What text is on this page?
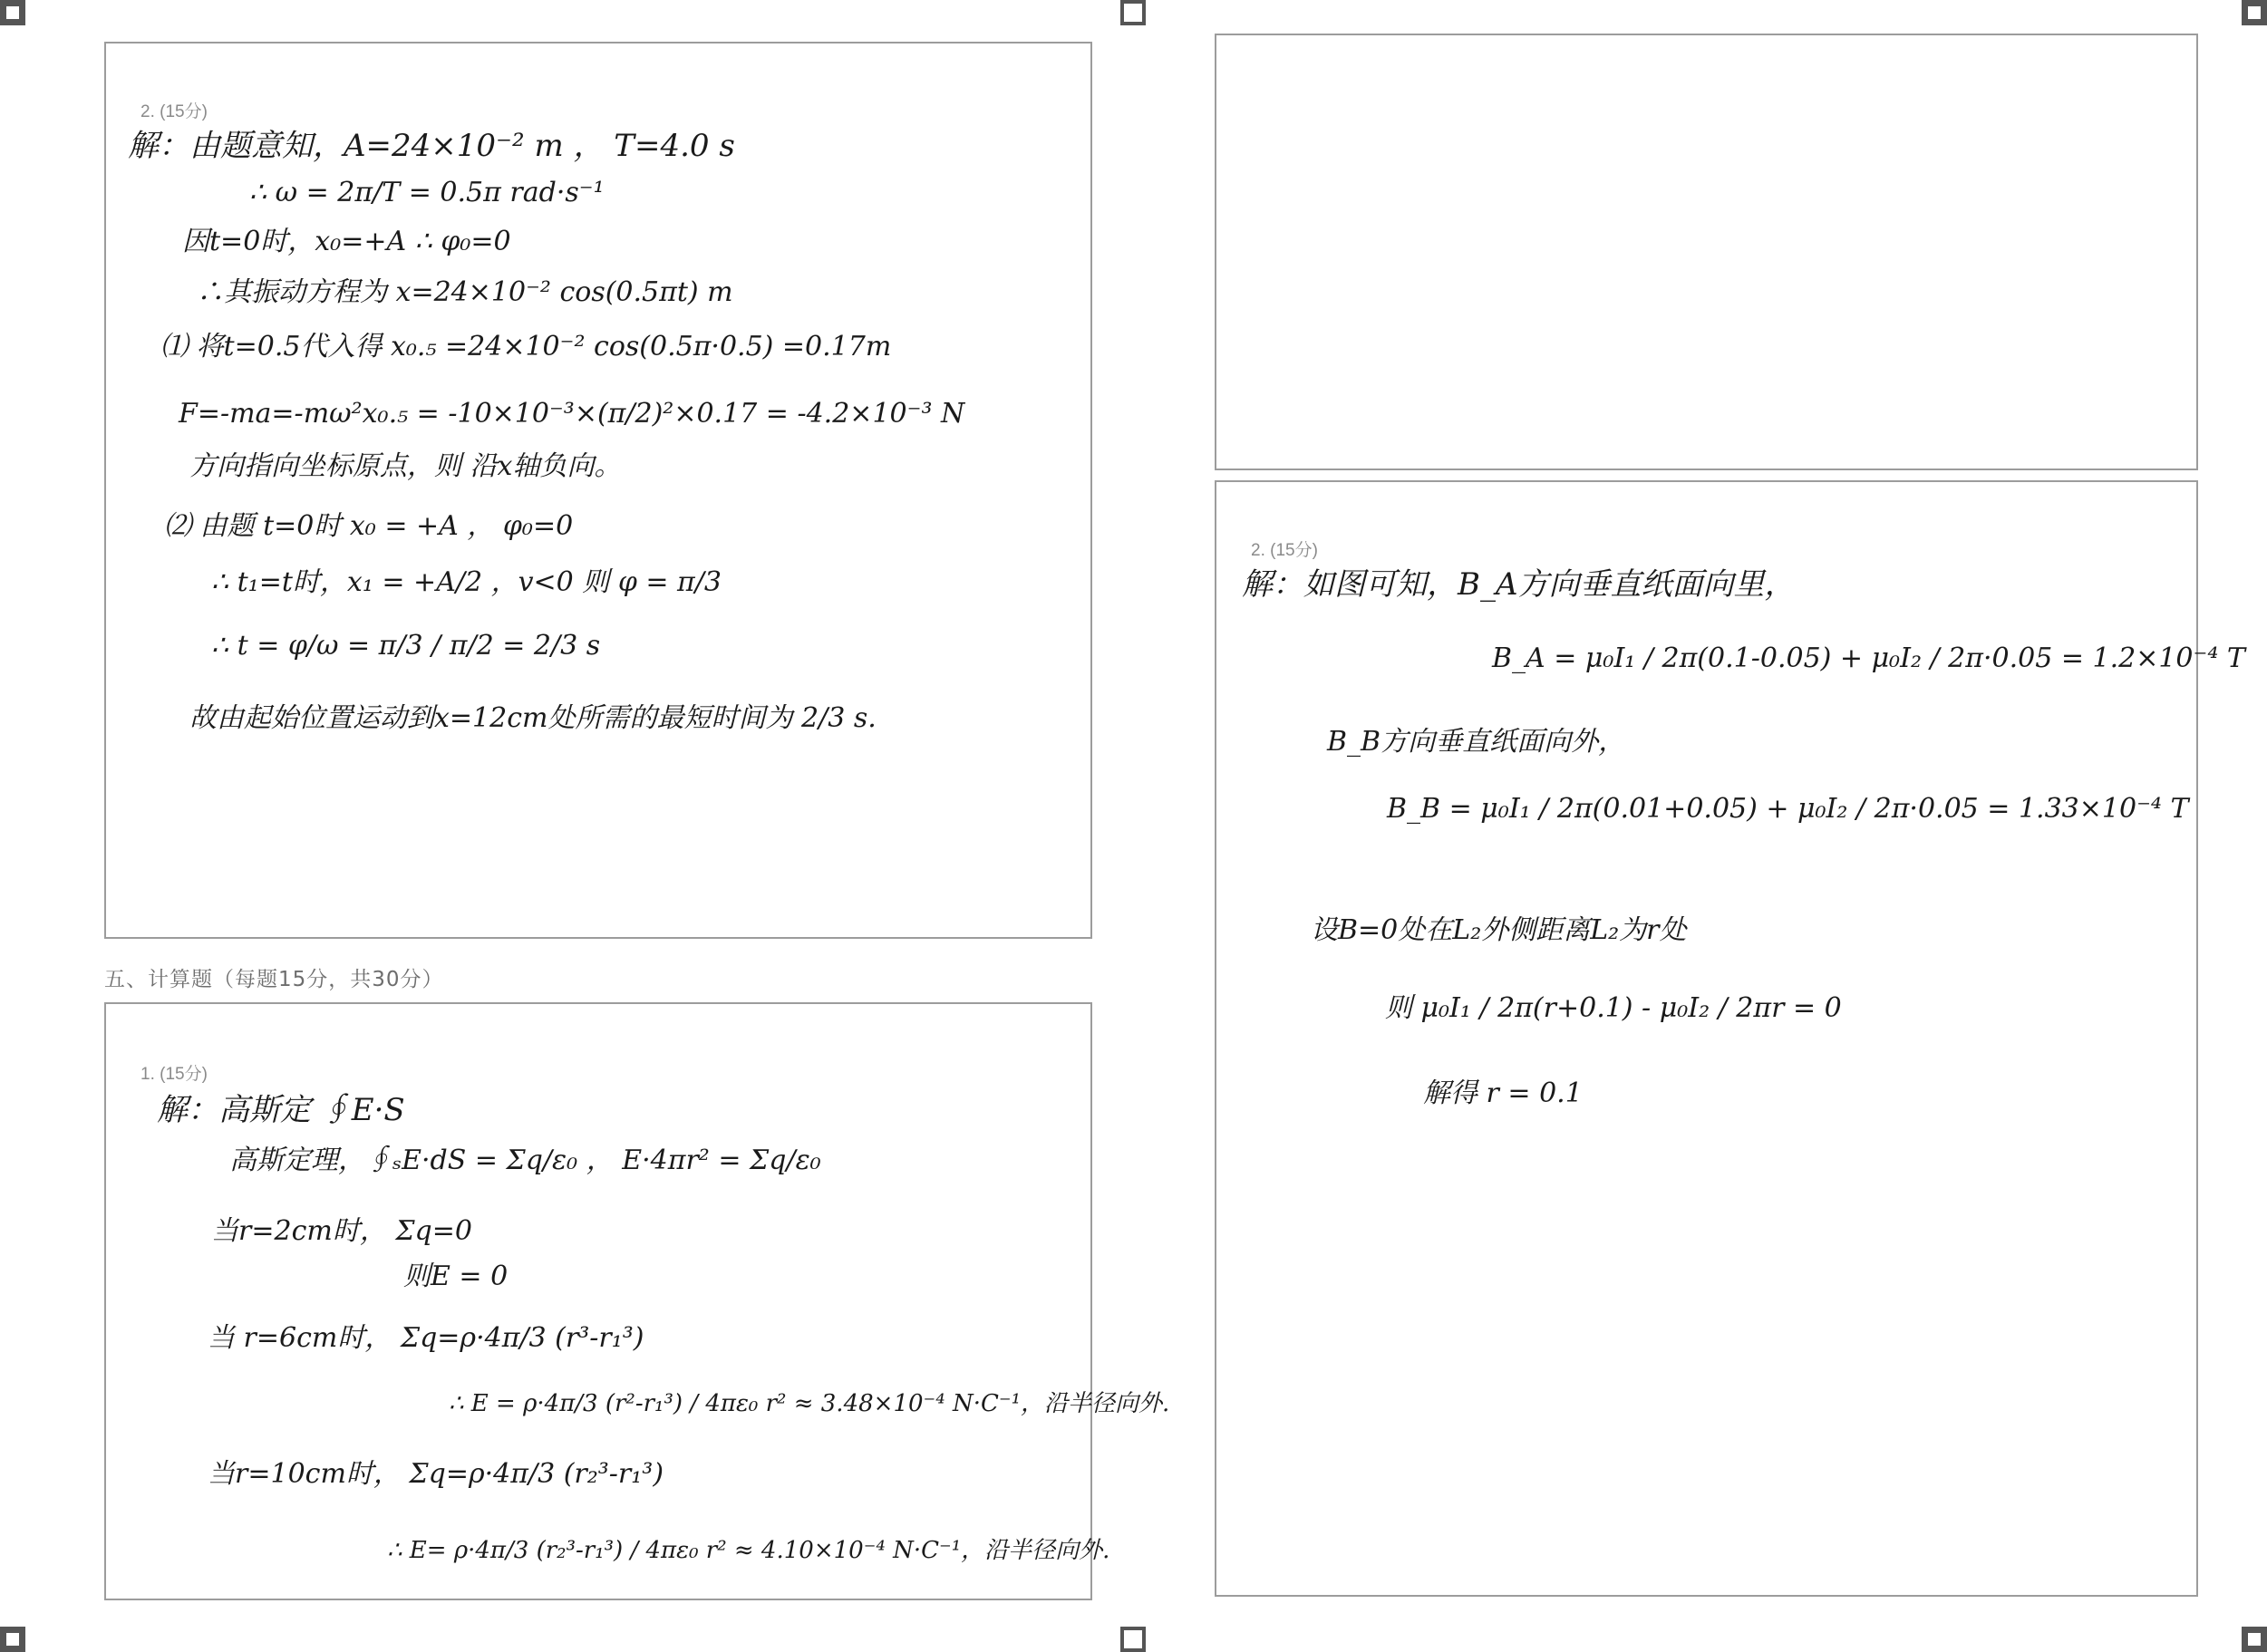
2. (15分)
解：由题意知，A=24×10⁻² m ， T=4.0 s
∴ ω = 2π/T = 0.5π rad·s⁻¹
因t=0时，x₀=+A ∴ φ₀=0
∴其振动方程为 x=24×10⁻² cos(0.5πt) m
⑴ 将t=0.5代入得 x₀.₅ =24×10⁻² cos(0.5π·0.5) =0.17m
F=-ma=-mω²x₀.₅ = -10×10⁻³×(π/2)²×0.17 = -4.2×10⁻³ N
方向指向坐标原点，则 沿x轴负向。
⑵ 由题 t=0时 x₀ = +A ， φ₀=0
∴ t₁=t时，x₁ = +A/2 ，v<0 则 φ = π/3
∴ t = φ/ω = π/3 / π/2 = 2/3 s
故由起始位置运动到x=12cm处所需的最短时间为 2/3 s.
五、计算题（每题15分，共30分）
1. (15分)
解：高斯定 ∮E·S
高斯定理，∮ₛE·dS = Σq/ε₀ ， E·4πr² = Σq/ε₀
当r=2cm时， Σq=0
则E = 0
当 r=6cm时， Σq=ρ·4π/3 (r³-r₁³)
∴ E = ρ·4π/3 (r²-r₁³) / 4πε₀ r² ≈ 3.48×10⁻⁴ N·C⁻¹，沿半径向外.
当r=10cm时， Σq=ρ·4π/3 (r₂³-r₁³)
∴ E= ρ·4π/3 (r₂³-r₁³) / 4πε₀ r² ≈ 4.10×10⁻⁴ N·C⁻¹，沿半径向外.
2. (15分)
解：如图可知，B_A方向垂直纸面向里，
B_A = μ₀I₁ / 2π(0.1-0.05) + μ₀I₂ / 2π·0.05 = 1.2×10⁻⁴ T
B_B方向垂直纸面向外，
B_B = μ₀I₁ / 2π(0.01+0.05) + μ₀I₂ / 2π·0.05 = 1.33×10⁻⁴ T
设B=0处在L₂外侧距离L₂为r处
则 μ₀I₁ / 2π(r+0.1) - μ₀I₂ / 2πr = 0
解得 r = 0.1
